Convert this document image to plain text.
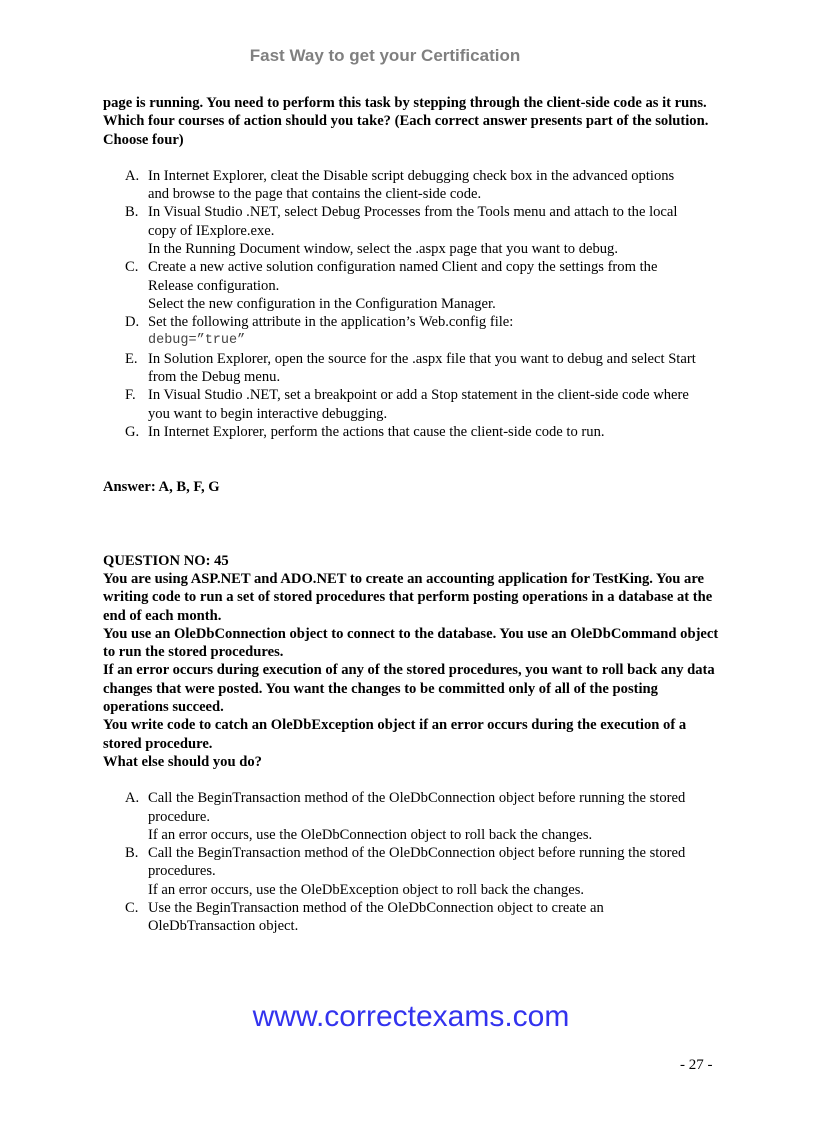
Fast Way to get your Certification

page is running. You need to perform this task by stepping through the client-side code as it runs.

Which four courses of action should you take? (Each correct answer presents part of the solution. Choose four)

A. In Internet Explorer, cleat the Disable script debugging check box in the advanced options
and browse to the page that contains the client-side code.
B. In Visual Studio .NET, select Debug Processes from the Tools menu and attach to the local
copy of IExplore.exe.
In the Running Document window, select the .aspx page that you want to debug.
C. Create a new active solution configuration named Client and copy the settings from the
Release configuration.
Select the new configuration in the Configuration Manager.
D. Set the following attribute in the application’s Web.config file:
debug=”true”
E. In Solution Explorer, open the source for the .aspx file that you want to debug and select Start
from the Debug menu.
F. In Visual Studio .NET, set a breakpoint or add a Stop statement in the client-side code where
you want to begin interactive debugging.
G. In Internet Explorer, perform the actions that cause the client-side code to run.

Answer: A, B, F, G

QUESTION NO: 45

You are using ASP.NET and ADO.NET to create an accounting application for TestKing. You are writing code to run a set of stored procedures that perform posting operations in a database at the end of each month.

You use an OleDbConnection object to connect to the database. You use an OleDbCommand object to run the stored procedures.

If an error occurs during execution of any of the stored procedures, you want to roll back any data changes that were posted. You want the changes to be committed only of all of the posting operations succeed.

You write code to catch an OleDbException object if an error occurs during the execution of a stored procedure.

What else should you do?

A. Call the BeginTransaction method of the OleDbConnection object before running the stored
procedure.
If an error occurs, use the OleDbConnection object to roll back the changes.
B. Call the BeginTransaction method of the OleDbConnection object before running the stored
procedures.
If an error occurs, use the OleDbException object to roll back the changes.
C. Use the BeginTransaction method of the OleDbConnection object to create an
OleDbTransaction object.
www.correctexams.com
- 27 -
